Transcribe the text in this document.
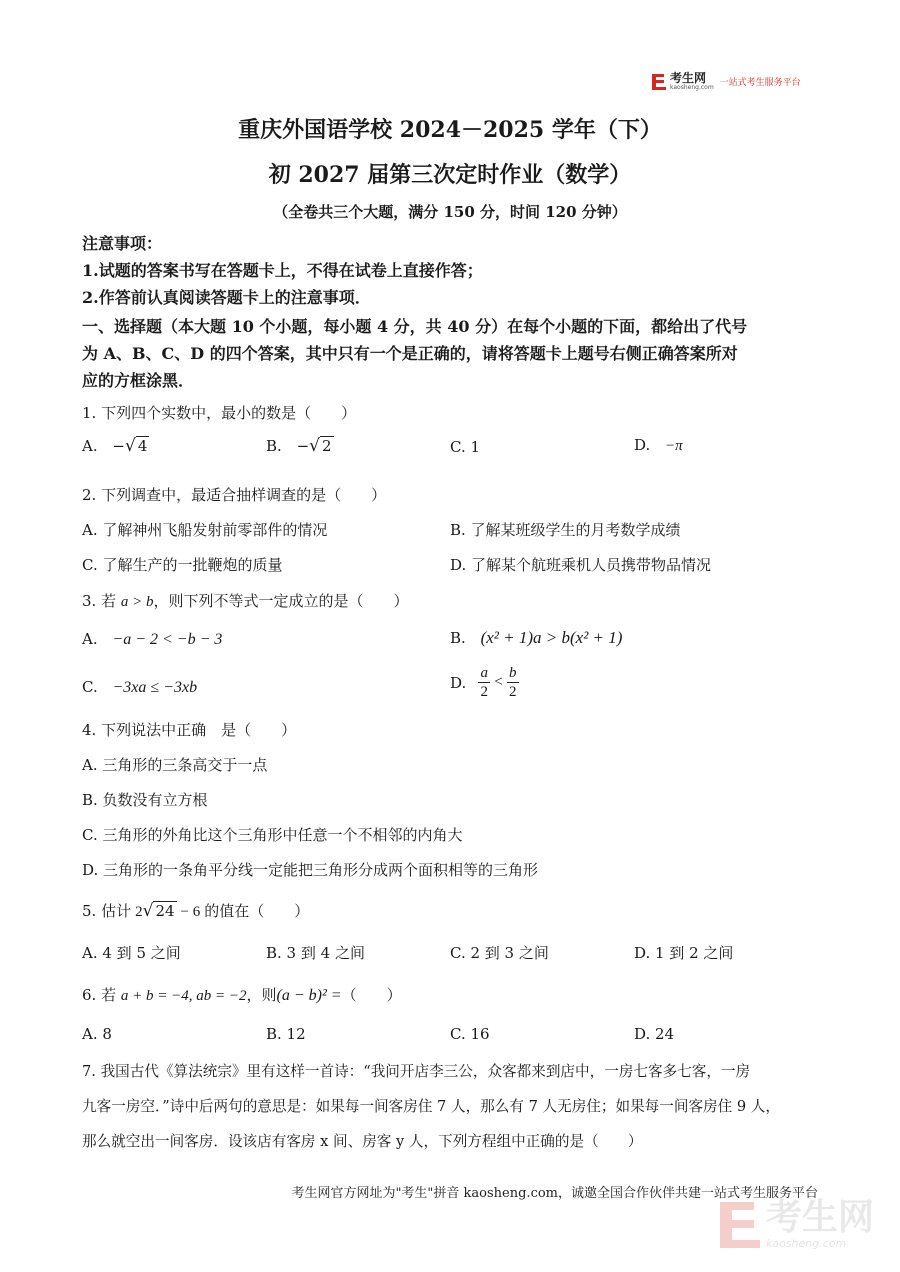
考生网
kaosheng.com 一站式考生服务平台
重庆外国语学校 2024－2025 学年（下）
初 2027 届第三次定时作业（数学）
（全卷共三个大题，满分 150 分，时间 120 分钟）
注意事项：
1.试题的答案书写在答题卡上，不得在试卷上直接作答；
2.作答前认真阅读答题卡上的注意事项．
一、选择题（本大题 10 个小题，每小题 4 分，共 40 分）在每个小题的下面，都给出了代号
为 A、B、C、D 的四个答案，其中只有一个是正确的，请将答题卡上题号右侧正确答案所对
应的方框涂黑．
1. 下列四个实数中，最小的数是（　　）
A. −√ 4	B. −√ 2	C. 1	D. −π
2. 下列调查中，最适合抽样调查的是（　　）
A. 了解神州飞船发射前零部件的情况	B. 了解某班级学生的月考数学成绩
C. 了解生产的一批鞭炮的质量	D. 了解某个航班乘机人员携带物品情况
3. 若 a > b，则下列不等式一定成立的是（　　）
A. −a − 2 < −b − 3	B. (x² + 1)a > b(x² + 1)
C. −3xa ≤ −3xb	D.
a
2
<
b
2
4. 下列说法中正确　是（　　）
A. 三角形的三条高交于一点
B. 负数没有立方根
C. 三角形的外角比这个三角形中任意一个不相邻的内角大
D. 三角形的一条角平分线一定能把三角形分成两个面积相等的三角形
5. 估计 2√ 24 − 6 的值在（　　）
A. 4 到 5 之间	B. 3 到 4 之间	C. 2 到 3 之间	D. 1 到 2 之间
6. 若 a + b = −4, ab = −2，则(a − b)² =（　　）
A. 8	B. 12	C. 16	D. 24
7. 我国古代《算法统宗》里有这样一首诗：“我问开店李三公，众客都来到店中，一房七客多七客，一房
九客一房空．”诗中后两句的意思是：如果每一间客房住 7 人，那么有 7 人无房住；如果每一间客房住 9 人，
那么就空出一间客房．设该店有客房 x 间、房客 y 人，下列方程组中正确的是（　　）
考生网官方网址为"考生"拼音 kaosheng.com，诚邀全国合作伙伴共建一站式考生服务平台
考生网
kaosheng.com
